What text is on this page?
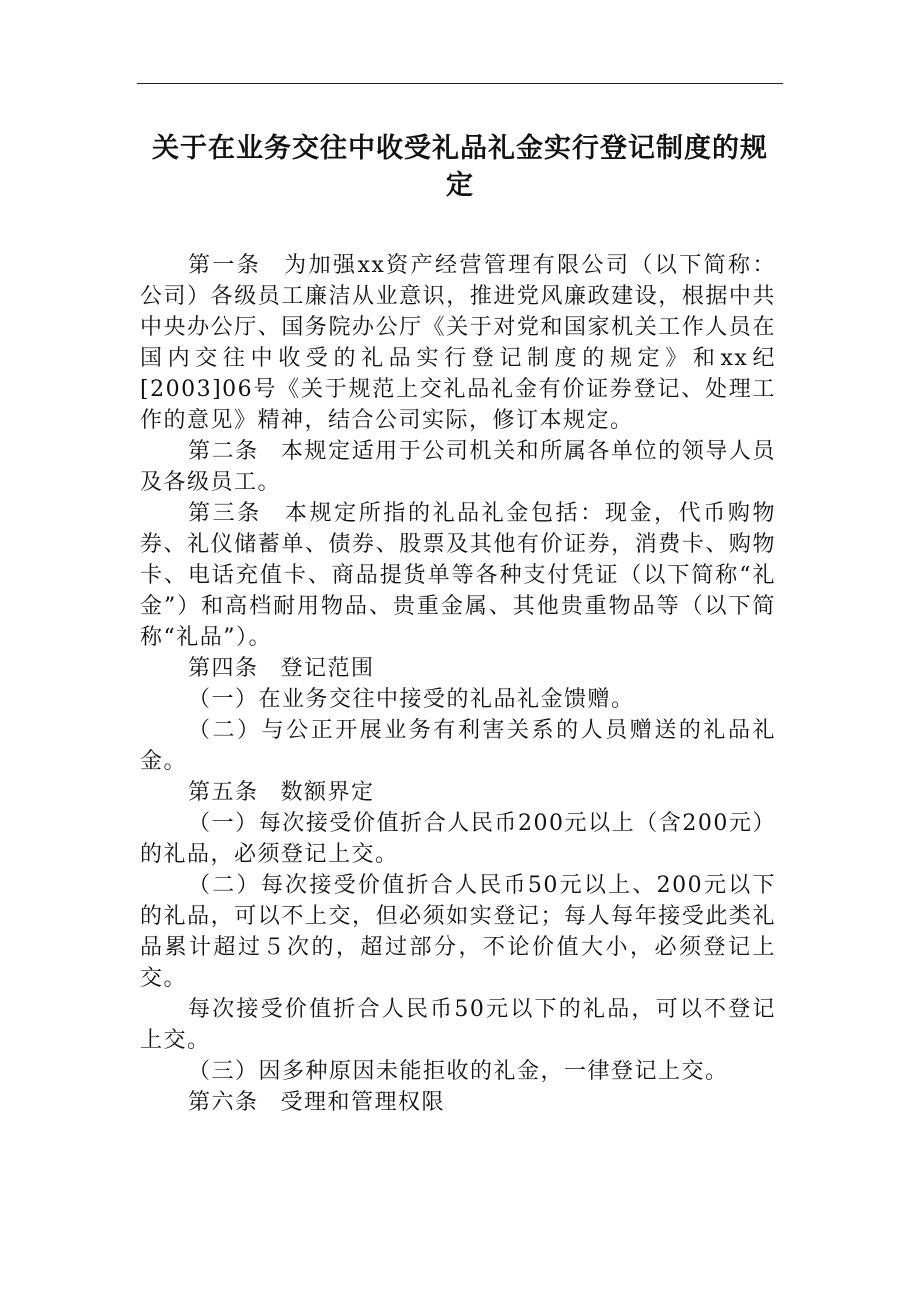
关于在业务交往中收受礼品礼金实行登记制度的规定

第一条 为加强xx资产经营管理有限公司（以下简称：公司）各级员工廉洁从业意识，推进党风廉政建设，根据中共中央办公厅、国务院办公厅《关于对党和国家机关工作人员在国内交往中收受的礼品实行登记制度的规定》和xx纪[2003]06号《关于规范上交礼品礼金有价证券登记、处理工作的意见》精神，结合公司实际，修订本规定。

第二条 本规定适用于公司机关和所属各单位的领导人员及各级员工。

第三条 本规定所指的礼品礼金包括：现金，代币购物券、礼仪储蓄单、债券、股票及其他有价证券，消费卡、购物卡、电话充值卡、商品提货单等各种支付凭证（以下简称“礼金”）和高档耐用物品、贵重金属、其他贵重物品等（以下简称“礼品”）。

第四条 登记范围

（一）在业务交往中接受的礼品礼金馈赠。

（二）与公正开展业务有利害关系的人员赠送的礼品礼金。

第五条 数额界定

（一）每次接受价值折合人民币200元以上（含200元）的礼品，必须登记上交。

（二）每次接受价值折合人民币50元以上、200元以下的礼品，可以不上交，但必须如实登记；每人每年接受此类礼品累计超过５次的，超过部分，不论价值大小，必须登记上交。

每次接受价值折合人民币50元以下的礼品，可以不登记上交。

（三）因多种原因未能拒收的礼金，一律登记上交。

第六条 受理和管理权限
